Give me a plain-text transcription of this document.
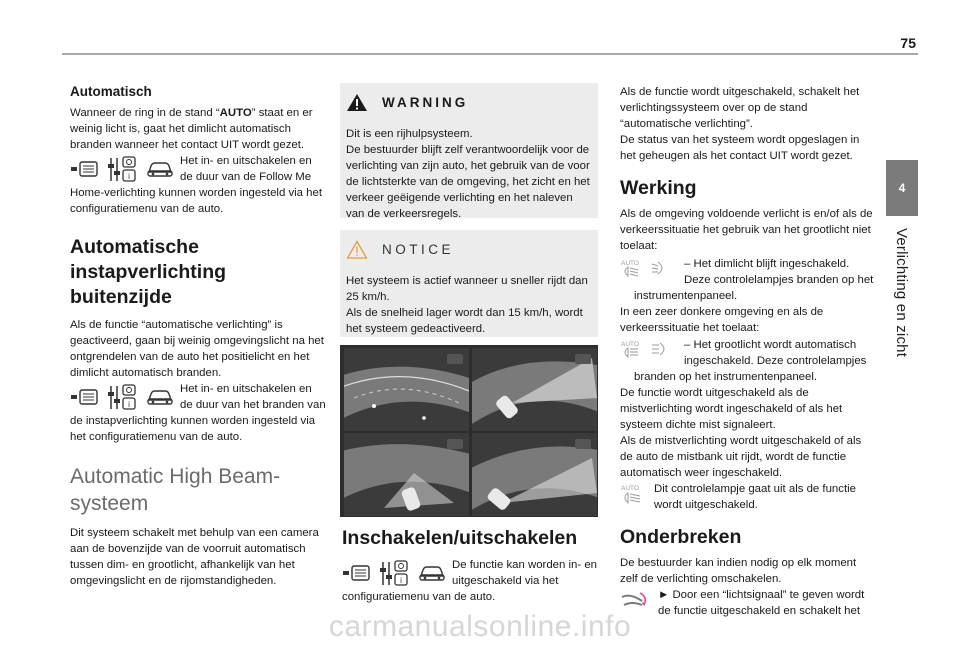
75
4
Verlichting en zicht
Automatisch

Wanneer de ring in de stand “AUTO” staat en er weinig licht is, gaat het dimlicht automatisch branden wanneer het contact UIT wordt gezet.

i

Het in- en uitschakelen en de duur van de Follow Me Home-verlichting kunnen worden ingesteld via het configuratiemenu van de auto.

Automatische instapverlichting buitenzijde

Als de functie “automatische verlichting” is geactiveerd, gaan bij weinig omgevingslicht na het ontgrendelen van de auto het positielicht en het dimlicht automatisch branden.

i

Het in- en uitschakelen en de duur van het branden van de instapverlichting kunnen worden ingesteld via het configuratiemenu van de auto.

Automatic High Beam-systeem

Dit systeem schakelt met behulp van een camera aan de bovenzijde van de voorruit automatisch tussen dim- en grootlicht, afhankelijk van het omgevingslicht en de rijomstandigheden.

WARNING

Dit is een rijhulpsysteem.

De bestuurder blijft zelf verantwoordelijk voor de verlichting van zijn auto, het gebruik van de voor de lichtsterkte van de omgeving, het zicht en het verkeer geëigende verlichting en het naleven van de verkeersregels.

NOTICE

Het systeem is actief wanneer u sneller rijdt dan 25 km/h.

Als de snelheid lager wordt dan 15 km/h, wordt het systeem gedeactiveerd.

Inschakelen/uitschakelen
i

De functie kan worden in- en uitgeschakeld via het configuratiemenu van de auto.

Als de functie wordt uitgeschakeld, schakelt het verlichtingssysteem over op de stand “automatische verlichting”.
De status van het systeem wordt opgeslagen in het geheugen als het contact UIT wordt gezet.

Werking

Als de omgeving voldoende verlicht is en/of als de verkeerssituatie het gebruik van het grootlicht niet toelaat:

AUTO	– Het dimlicht blijft ingeschakeld.

Deze controlelampjes branden op het instrumentenpaneel.

In een zeer donkere omgeving en als de verkeerssituatie het toelaat:

AUTO	– Het grootlicht wordt automatisch

ingeschakeld. Deze controlelampjes branden op het instrumentenpaneel.

De functie wordt uitgeschakeld als de mistverlichting wordt ingeschakeld of als het systeem dichte mist signaleert.
Als de mistverlichting wordt uitgeschakeld of als de auto de mistbank uit rijdt, wordt de functie automatisch weer ingeschakeld.

AUTO	Dit controlelampje gaat uit als de functie wordt uitgeschakeld.

Onderbreken

De bestuurder kan indien nodig op elk moment zelf de verlichting omschakelen.

► Door een “lichtsignaal” te geven wordt de functie uitgeschakeld en schakelt het

carmanualsonline.info
